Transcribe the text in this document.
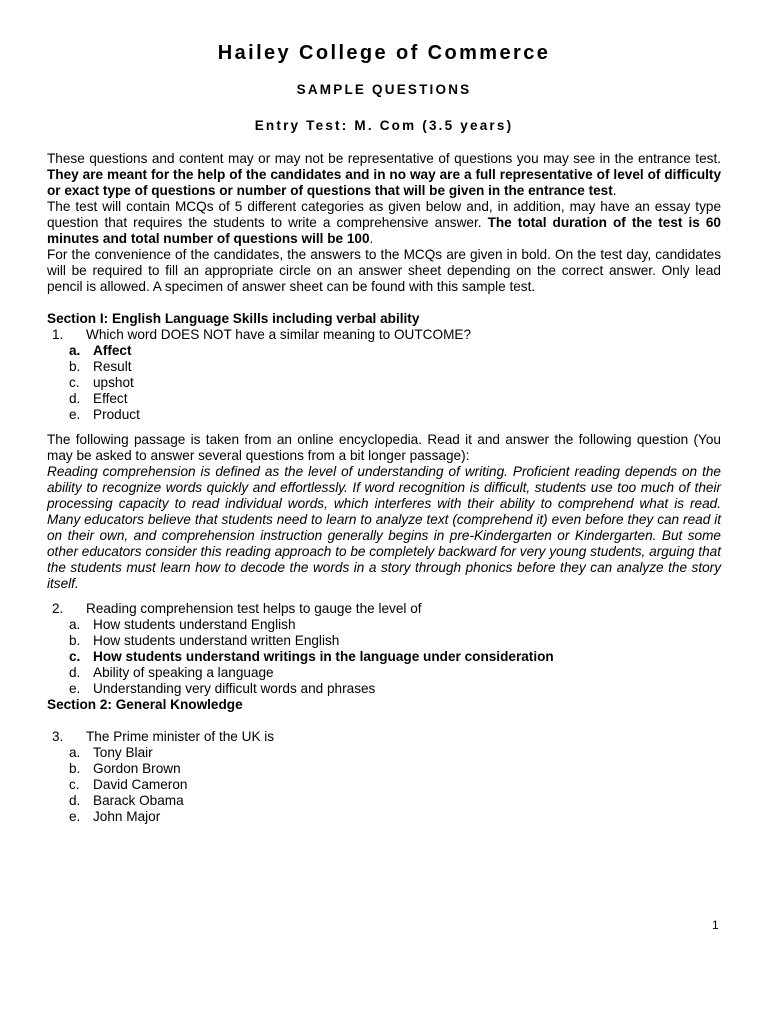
Hailey College of Commerce
SAMPLE QUESTIONS
Entry Test: M. Com (3.5 years)

These questions and content may or may not be representative of questions you may see in the entrance test. They are meant for the help of the candidates and in no way are a full representative of level of difficulty or exact type of questions or number of questions that will be given in the entrance test.

The test will contain MCQs of 5 different categories as given below and, in addition, may have an essay type question that requires the students to write a comprehensive answer. The total duration of the test is 60 minutes and total number of questions will be 100.

For the convenience of the candidates, the answers to the MCQs are given in bold. On the test day, candidates will be required to fill an appropriate circle on an answer sheet depending on the correct answer. Only lead pencil is allowed. A specimen of answer sheet can be found with this sample test.

Section I: English Language Skills including verbal ability
1. Which word DOES NOT have a similar meaning to OUTCOME?
a. Affect
b. Result
c. upshot
d. Effect
e. Product

The following passage is taken from an online encyclopedia. Read it and answer the following question (You may be asked to answer several questions from a bit longer passage):

Reading comprehension is defined as the level of understanding of writing. Proficient reading depends on the ability to recognize words quickly and effortlessly. If word recognition is difficult, students use too much of their processing capacity to read individual words, which interferes with their ability to comprehend what is read. Many educators believe that students need to learn to analyze text (comprehend it) even before they can read it on their own, and comprehension instruction generally begins in pre-Kindergarten or Kindergarten. But some other educators consider this reading approach to be completely backward for very young students, arguing that the students must learn how to decode the words in a story through phonics before they can analyze the story itself.

2. Reading comprehension test helps to gauge the level of
a. How students understand English
b. How students understand written English
c. How students understand writings in the language under consideration
d. Ability of speaking a language
e. Understanding very difficult words and phrases
Section 2: General Knowledge
3. The Prime minister of the UK is
a. Tony Blair
b. Gordon Brown
c. David Cameron
d. Barack Obama
e. John Major
1
